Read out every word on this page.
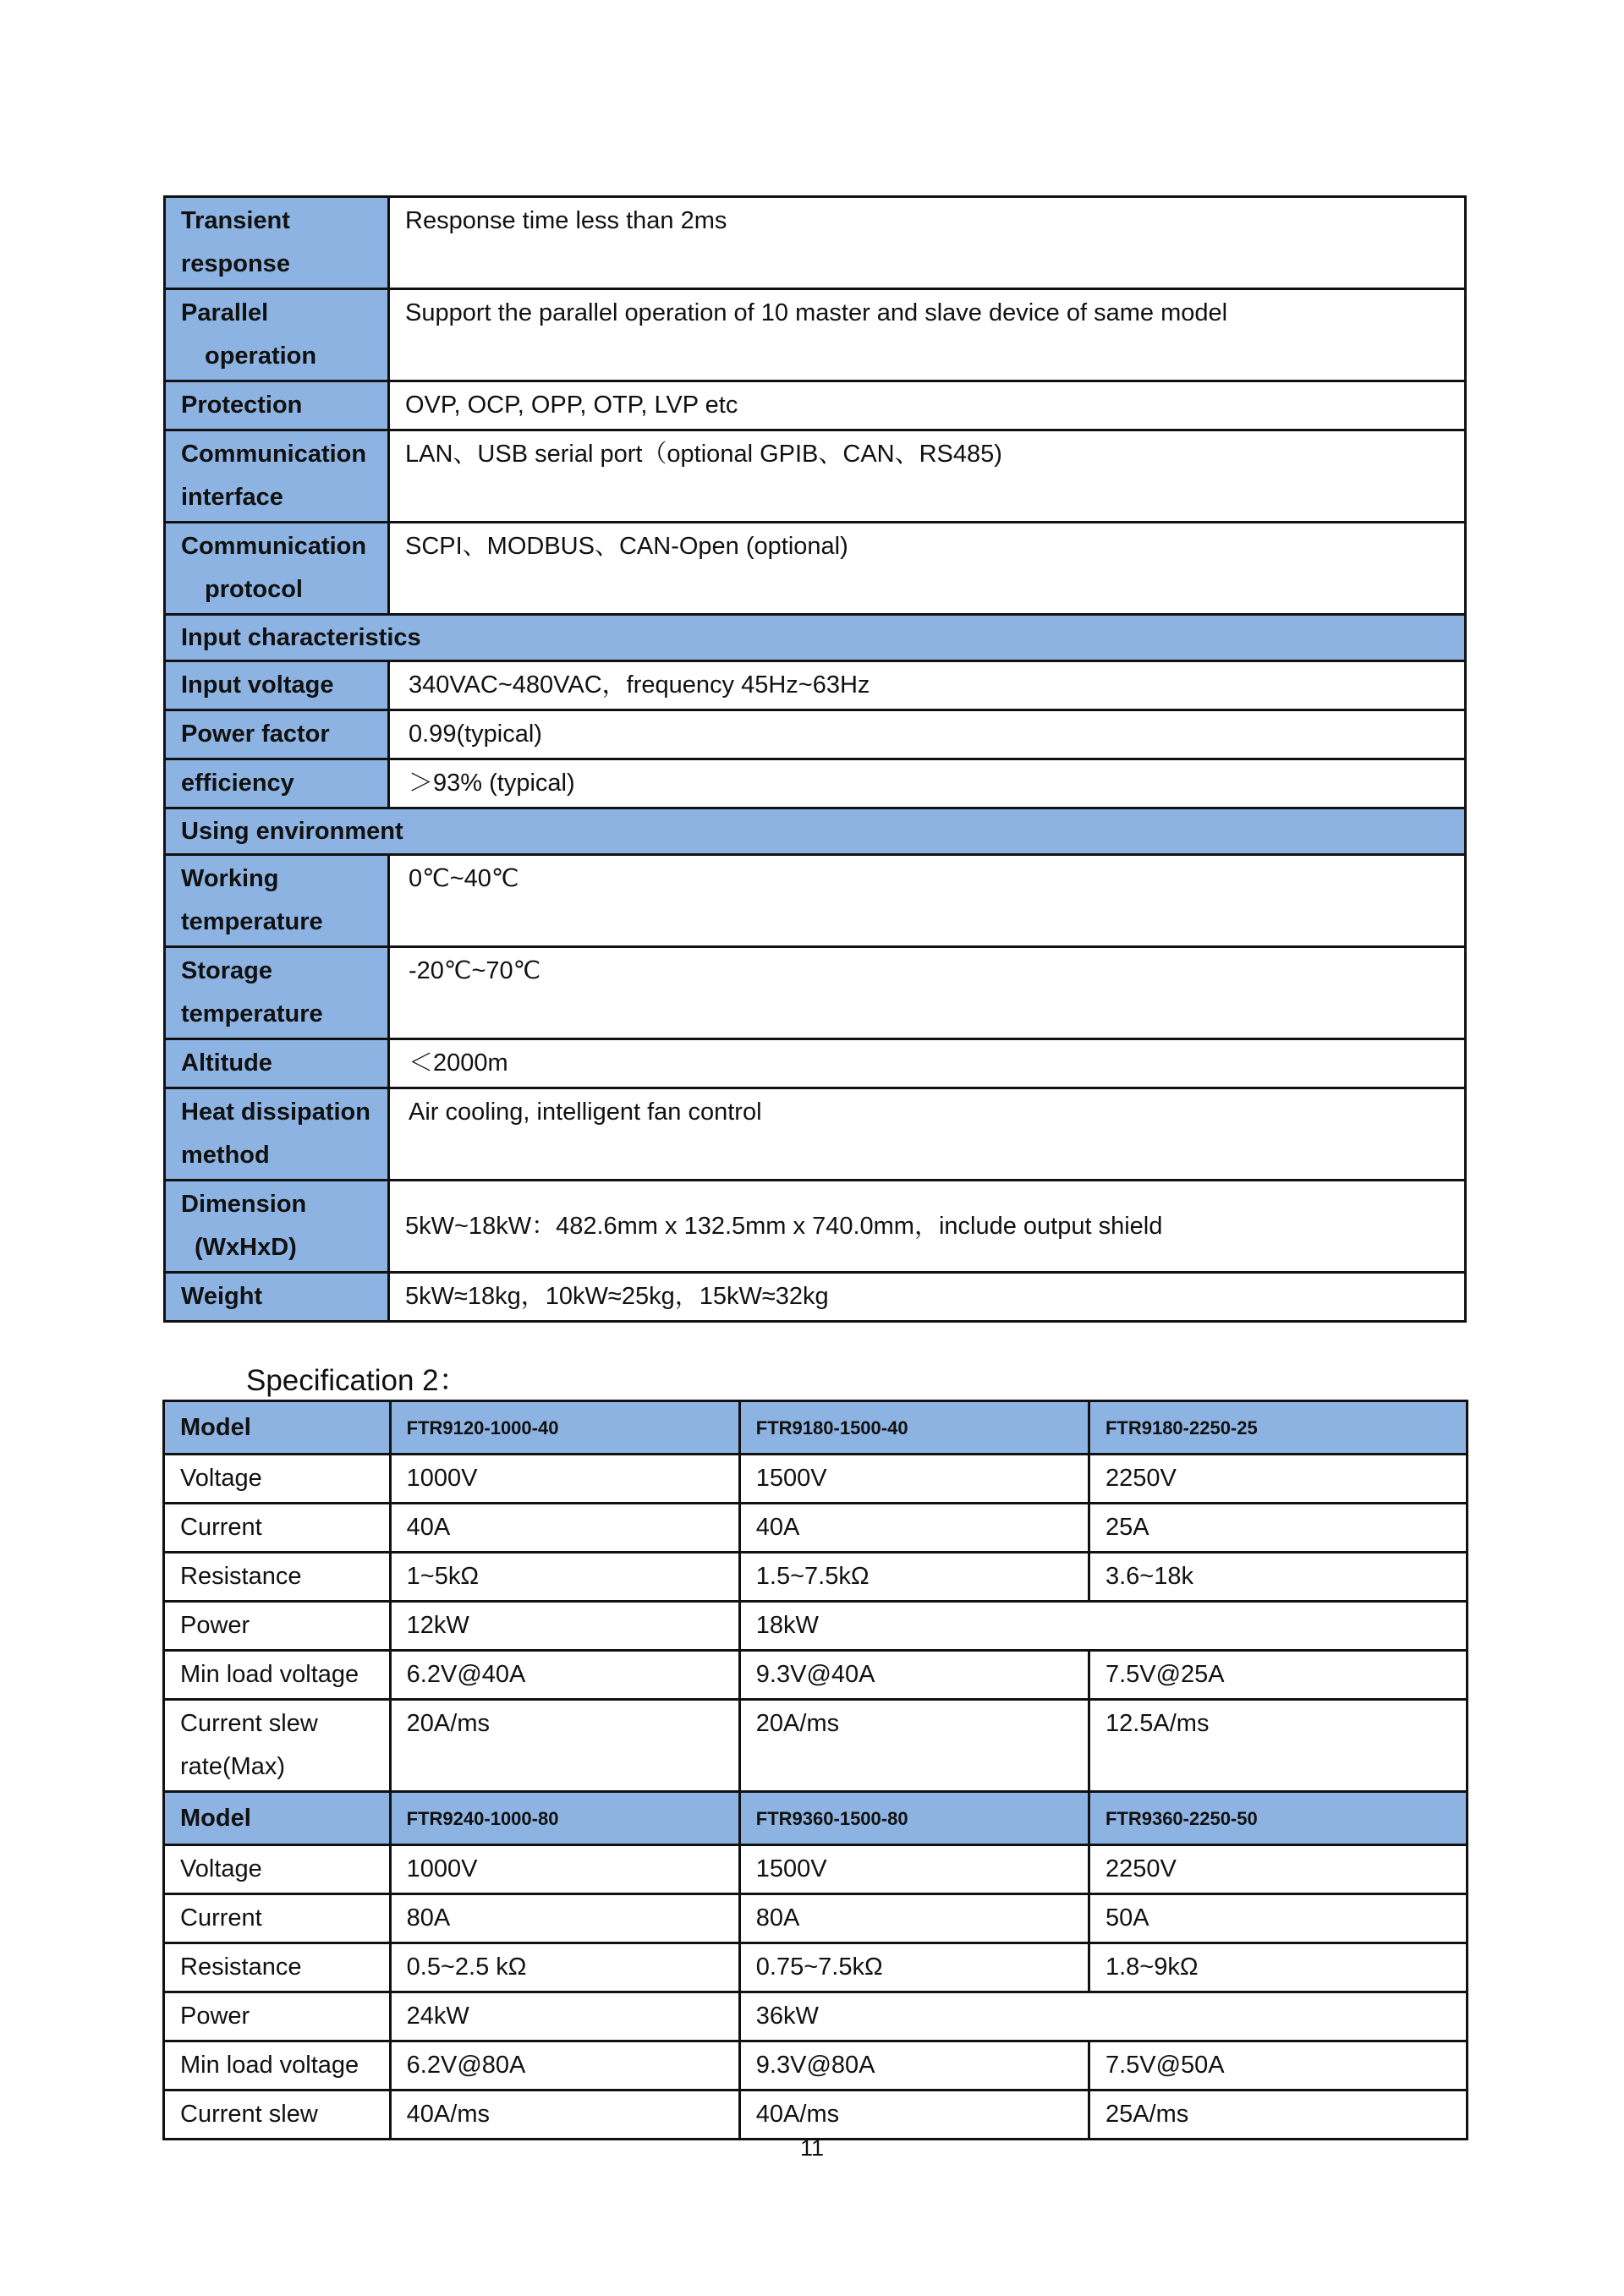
Transient
response	Response time less than 2ms
Parallel
operation	Support the parallel operation of 10 master and slave device of same model
Protection	OVP, OCP, OPP, OTP, LVP etc
Communication
interface	LAN、USB serial port（optional GPIB、CAN、RS485)
Communication
protocol	SCPI、MODBUS、CAN-Open (optional)
Input characteristics	
Input voltage	340VAC~480VAC，frequency 45Hz~63Hz
Power factor	0.99(typical)
efficiency	＞93% (typical)
Using environment	
Working
temperature	0℃~40℃
Storage
temperature	-20℃~70℃
Altitude	＜2000m
Heat dissipation
method	Air cooling, intelligent fan control
Dimension
(WxHxD)	5kW~18kW：482.6mm x 132.5mm x 740.0mm，include output shield
Weight	5kW≈18kg，10kW≈25kg，15kW≈32kg
Specification 2：
Model	FTR9120-1000-40	FTR9180-1500-40	FTR9180-2250-25
Voltage	1000V	1500V	2250V
Current	40A	40A	25A
Resistance	1~5kΩ	1.5~7.5kΩ	3.6~18k
Power	12kW	18kW	
Min load voltage	6.2V@40A	9.3V@40A	7.5V@25A
Current slew
rate(Max)	20A/ms	20A/ms	12.5A/ms
Model	FTR9240-1000-80	FTR9360-1500-80	FTR9360-2250-50
Voltage	1000V	1500V	2250V
Current	80A	80A	50A
Resistance	0.5~2.5 kΩ	0.75~7.5kΩ	1.8~9kΩ
Power	24kW	36kW	
Min load voltage	6.2V@80A	9.3V@80A	7.5V@50A
Current slew	40A/ms	40A/ms	25A/ms
11
